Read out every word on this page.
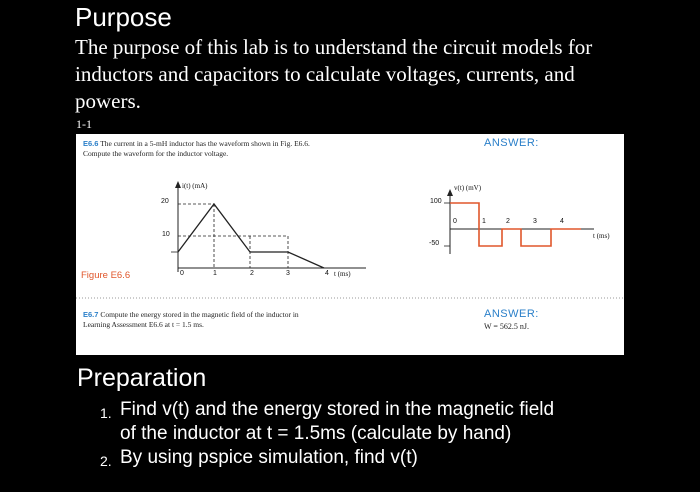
Purpose
The purpose of this lab is to understand the circuit models for inductors and capacitors to calculate voltages, currents, and powers.
1-1
E6.6 The current in a 5-mH inductor has the waveform shown in Fig. E6.6.
Compute the waveform for the inductor voltage.
ANSWER:
i(t) (mA)
20
10
0	1	2	3	4 t (ms)
Figure E6.6
v(t) (mV)
100
-50
0	1	2	3	4
t (ms)
E6.7 Compute the energy stored in the magnetic field of the inductor in
Learning Assessment E6.6 at t = 1.5 ms.
ANSWER:
W = 562.5 nJ.
Preparation
1. Find v(t) and the energy stored in the magnetic field
of the inductor at t = 1.5ms (calculate by hand)
2. By using pspice simulation, find v(t)
